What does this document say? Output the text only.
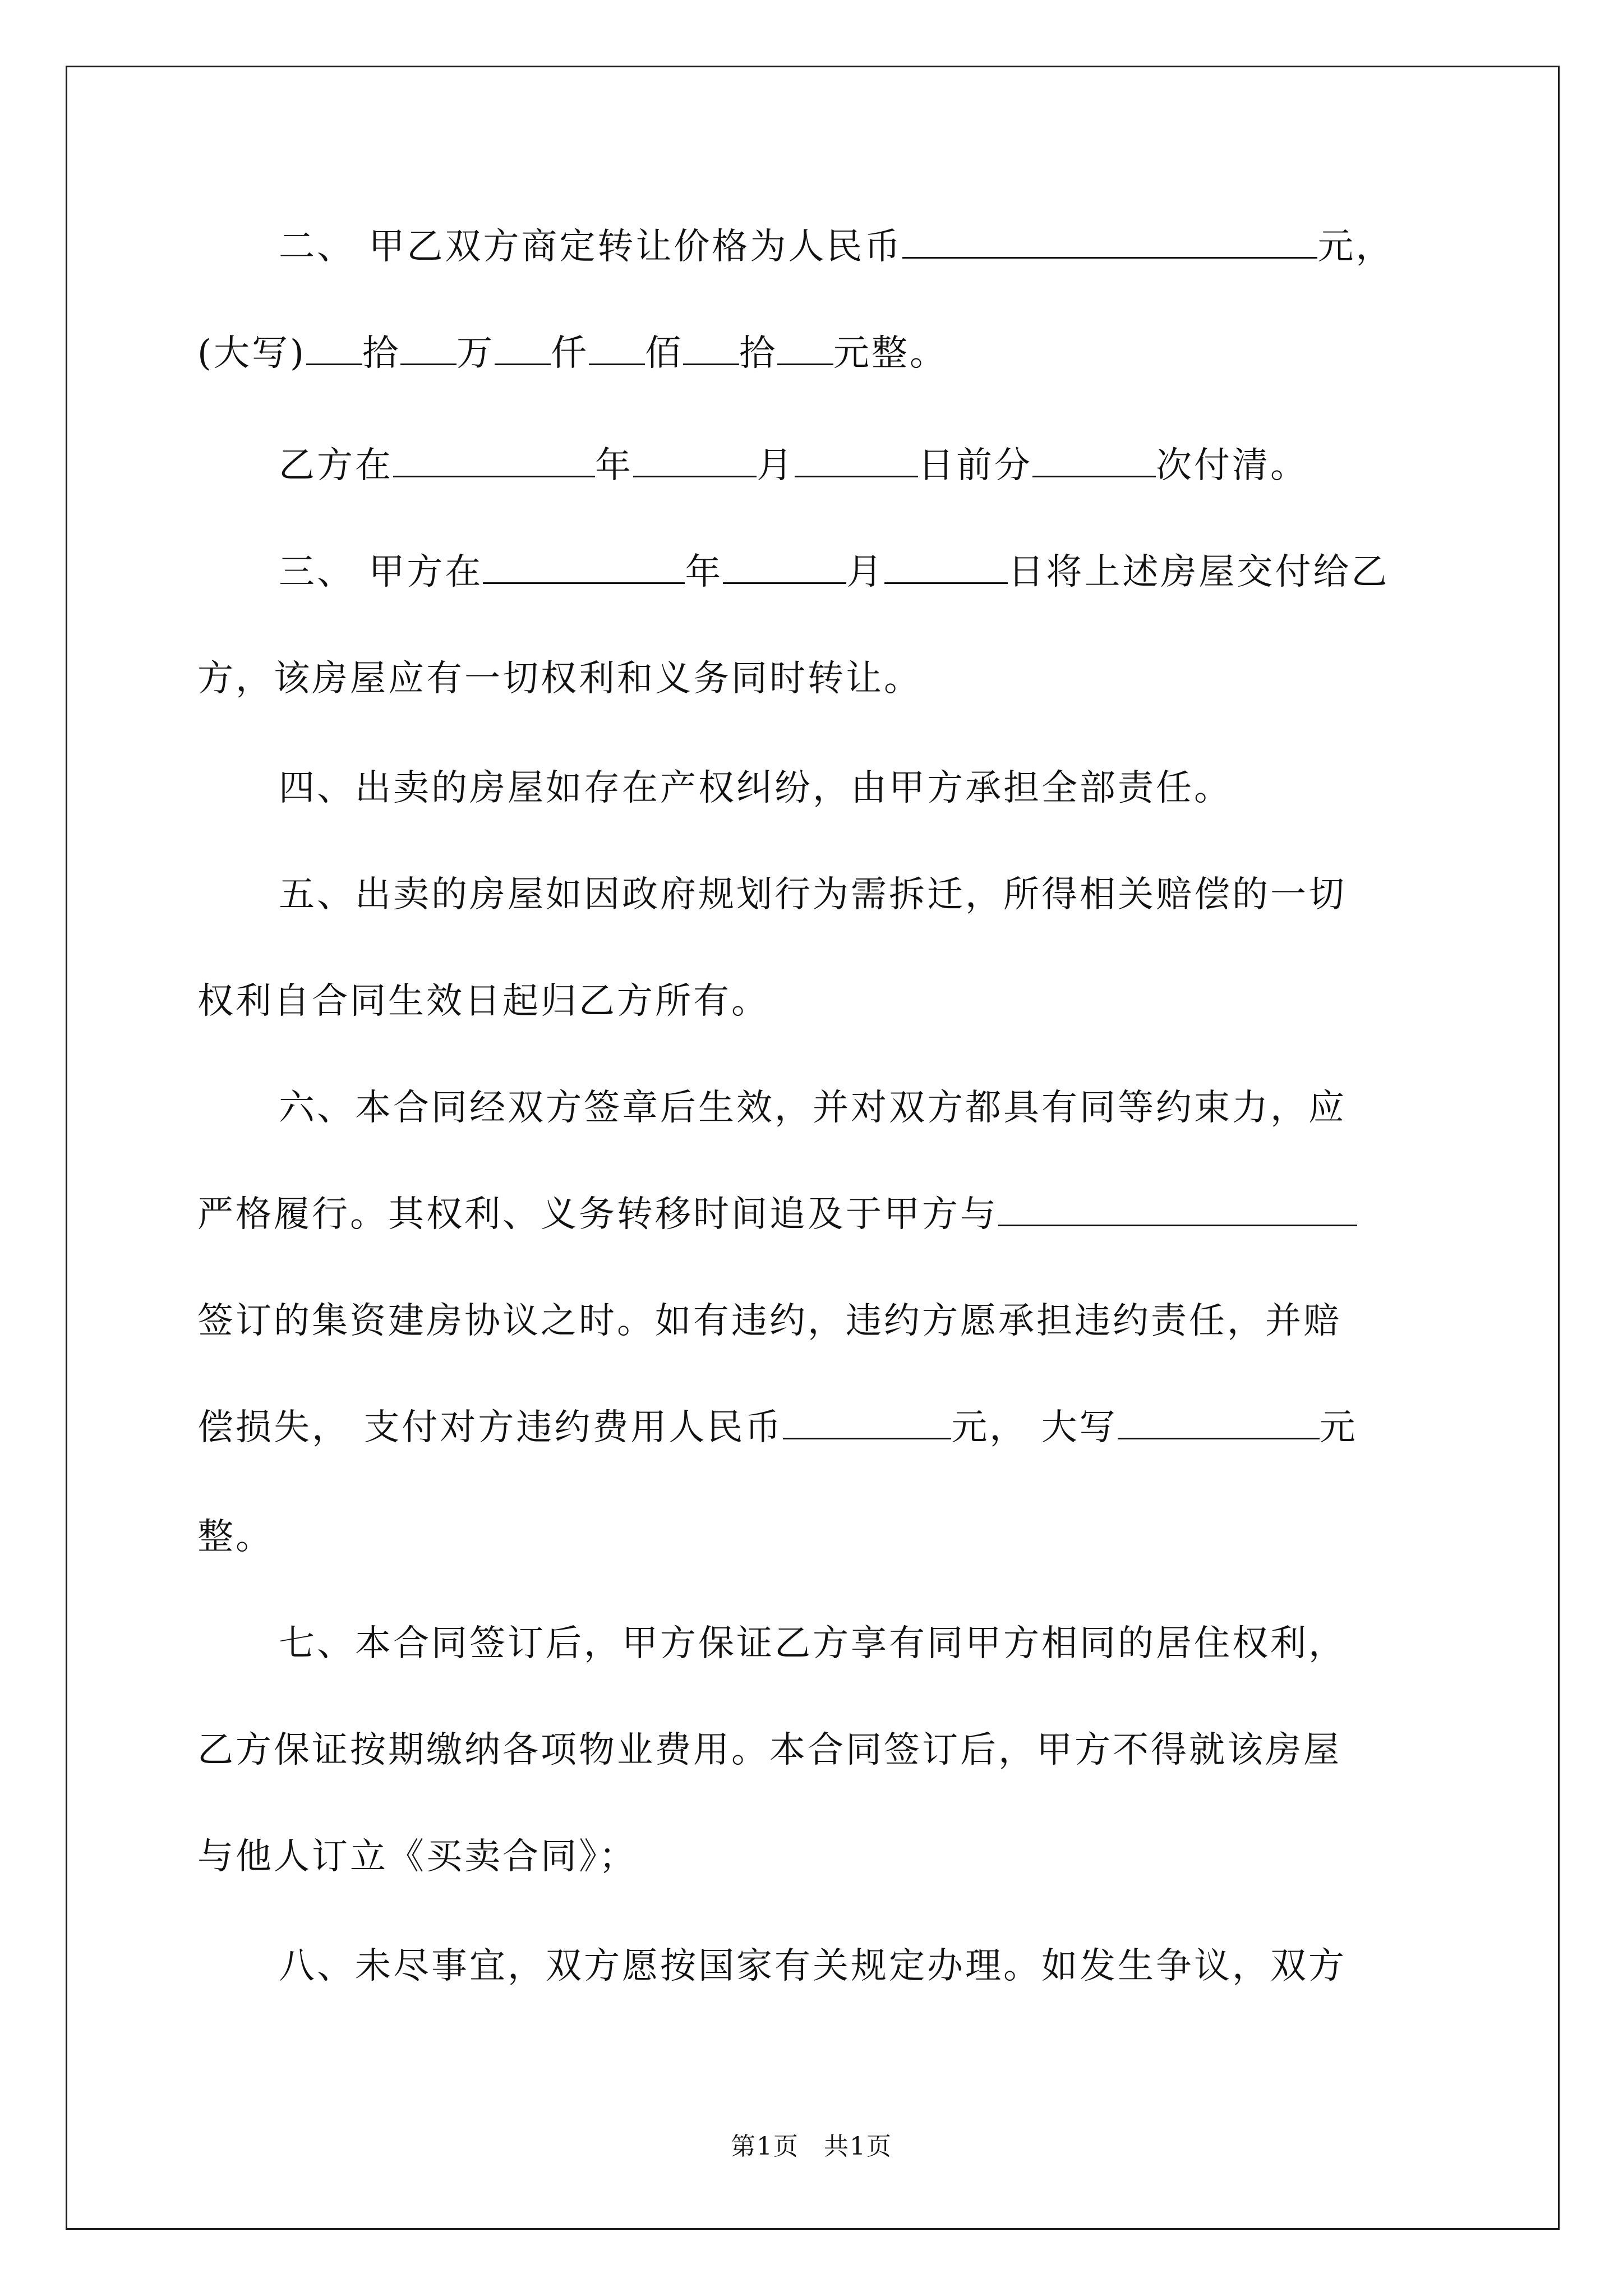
二、 甲乙双方商定转让价格为人民币	元，
(大写) 拾 万 仟 佰 拾 元整。
乙方在	年	月	日前分	次付清。
三、 甲方在	年	月	日将上述房屋交付给乙
方，该房屋应有一切权利和义务同时转让。
四、出卖的房屋如存在产权纠纷，由甲方承担全部责任。
五、出卖的房屋如因政府规划行为需拆迁，所得相关赔偿的一切
权利自合同生效日起归乙方所有。
六、本合同经双方签章后生效，并对双方都具有同等约束力，应
严格履行。其权利、义务转移时间追及于甲方与
签订的集资建房协议之时。如有违约，违约方愿承担违约责任，并赔
偿损失， 支付对方违约费用人民币	元， 大写	元
整。
七、本合同签订后，甲方保证乙方享有同甲方相同的居住权利，
乙方保证按期缴纳各项物业费用。本合同签订后，甲方不得就该房屋
与他人订立《买卖合同》；
八、未尽事宜，双方愿按国家有关规定办理。如发生争议，双方
第1页 共1页
